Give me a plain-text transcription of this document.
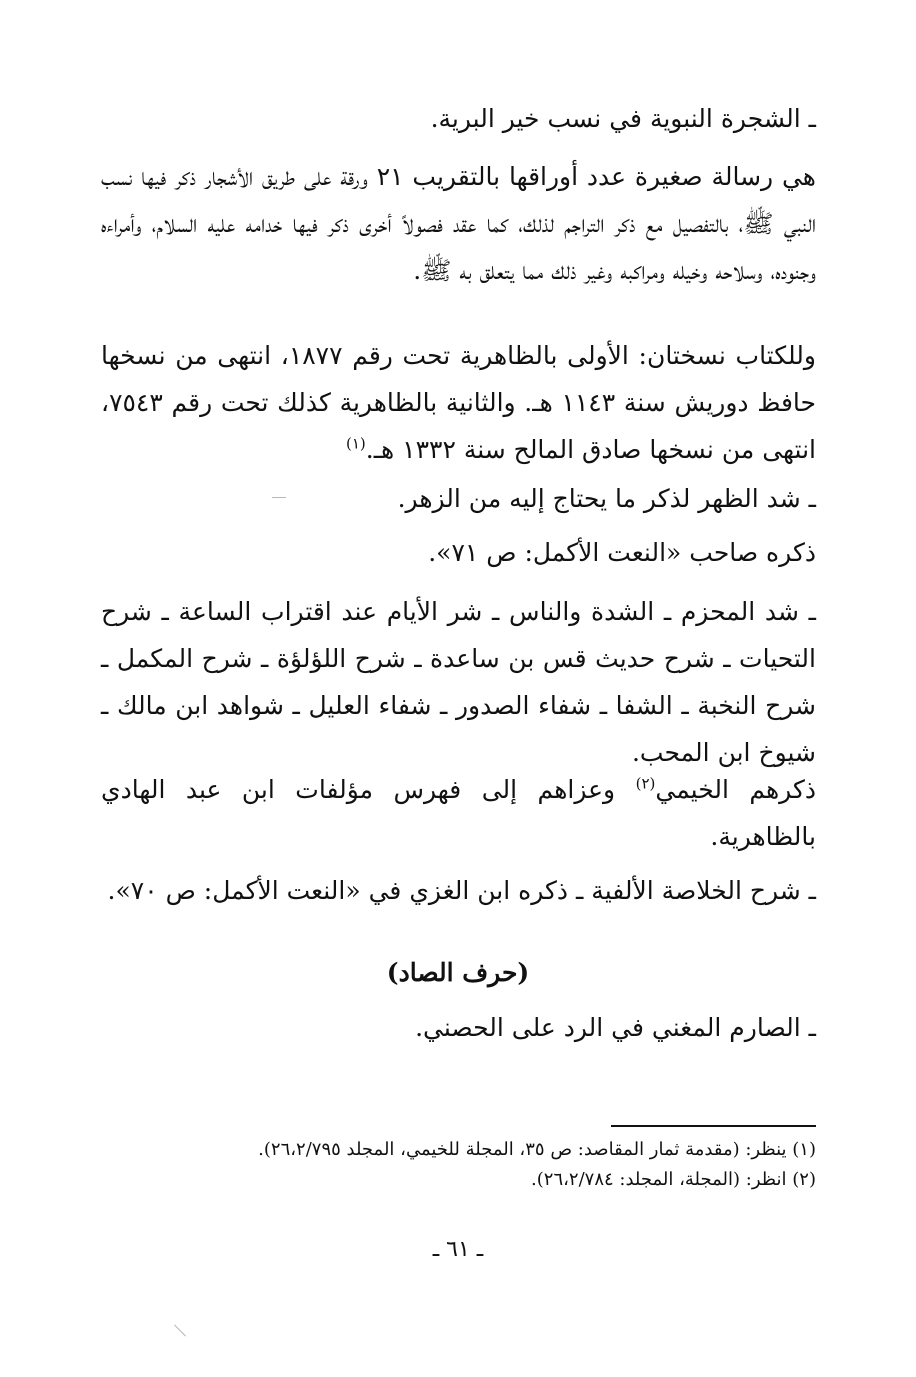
ـ الشجرة النبوية في نسب خير البرية.
هي رسالة صغيرة عدد أوراقها بالتقريب ٢١ ورقة على طريق الأشجار ذكر فيها نسب النبي ﷺ، بالتفصيل مع ذكر التراجم لذلك، كما عقد فصولاً أخرى ذكر فيها خدامه عليه السلام، وأمراءه وجنوده، وسلاحه وخيله ومراكبه وغير ذلك مما يتعلق به ﷺ.
وللكتاب نسختان: الأولى بالظاهرية تحت رقم ١٨٧٧، انتهى من نسخها حافظ دوريش سنة ١١٤٣ هـ. والثانية بالظاهرية كذلك تحت رقم ٧٥٤٣، انتهى من نسخها صادق المالح سنة ١٣٣٢ هـ.$^{(١)}$
ـ شد الظهر لذكر ما يحتاج إليه من الزهر.
ذكره صاحب «النعت الأكمل: ص ٧١».
ـ شد المحزم ـ الشدة والناس ـ شر الأيام عند اقتراب الساعة ـ شرح التحيات ـ شرح حديث قس بن ساعدة ـ شرح اللؤلؤة ـ شرح المكمل ـ شرح النخبة ـ الشفا ـ شفاء الصدور ـ شفاء العليل ـ شواهد ابن مالك ـ شيوخ ابن المحب.
ذكرهم الخيمي$^{(٢)}$ وعزاهم إلى فهرس مؤلفات ابن عبد الهادي بالظاهرية.
ـ شرح الخلاصة الألفية ـ ذكره ابن الغزي في «النعت الأكمل: ص ٧٠».
(حرف الصاد)
ـ الصارم المغني في الرد على الحصني.
(١) ينظر: (مقدمة ثمار المقاصد: ص ٣٥، المجلة للخيمي، المجلد ٢٦،٢/٧٩٥).
(٢) انظر: (المجلة، المجلد: ٢٦،٢/٧٨٤).
ـ ٦١ ـ
